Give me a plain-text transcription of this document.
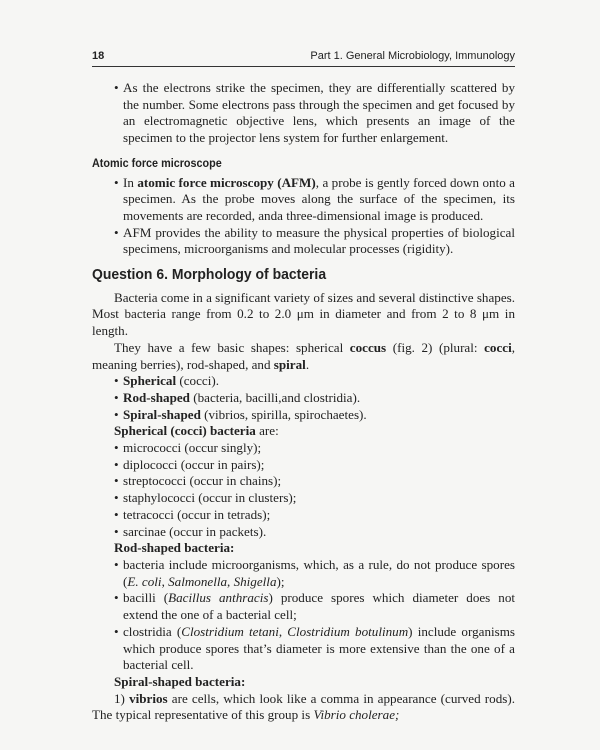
18	Part 1. General Microbiology, Immunology

• As the electrons strike the specimen, they are differentially scattered by the number. Some electrons pass through the specimen and get focused by an electromagnetic objective lens, which presents an image of the specimen to the projector lens system for further enlargement.

Atomic force microscope

• In atomic force microscopy (AFM), a probe is gently forced down onto a specimen. As the probe moves along the surface of the specimen, its movements are recorded, anda three-dimensional image is produced.

• AFM provides the ability to measure the physical properties of biological specimens, microorganisms and molecular processes (rigidity).

Question 6. Morphology of bacteria

Bacteria come in a significant variety of sizes and several distinctive shapes. Most bacteria range from 0.2 to 2.0 μm in diameter and from 2 to 8 μm in length.

They have a few basic shapes: spherical coccus (fig. 2) (plural: cocci, meaning berries), rod-shaped, and spiral.

• Spherical (cocci).

• Rod-shaped (bacteria, bacilli,and clostridia).

• Spiral-shaped (vibrios, spirilla, spirochaetes).

Spherical (cocci) bacteria are:

• micrococci (occur singly);

• diplococci (occur in pairs);

• streptococci (occur in chains);

• staphylococci (occur in clusters);

• tetracocci (occur in tetrads);

• sarcinae (occur in packets).

Rod-shaped bacteria:

• bacteria include microorganisms, which, as a rule, do not produce spores (E. coli, Salmonella, Shigella);

• bacilli (Bacillus anthracis) produce spores which diameter does not extend the one of a bacterial cell;

• clostridia (Clostridium tetani, Clostridium botulinum) include organisms which produce spores that’s diameter is more extensive than the one of a bacterial cell.

Spiral-shaped bacteria:

1) vibrios are cells, which look like a comma in appearance (curved rods). The typical representative of this group is Vibrio cholerae;
